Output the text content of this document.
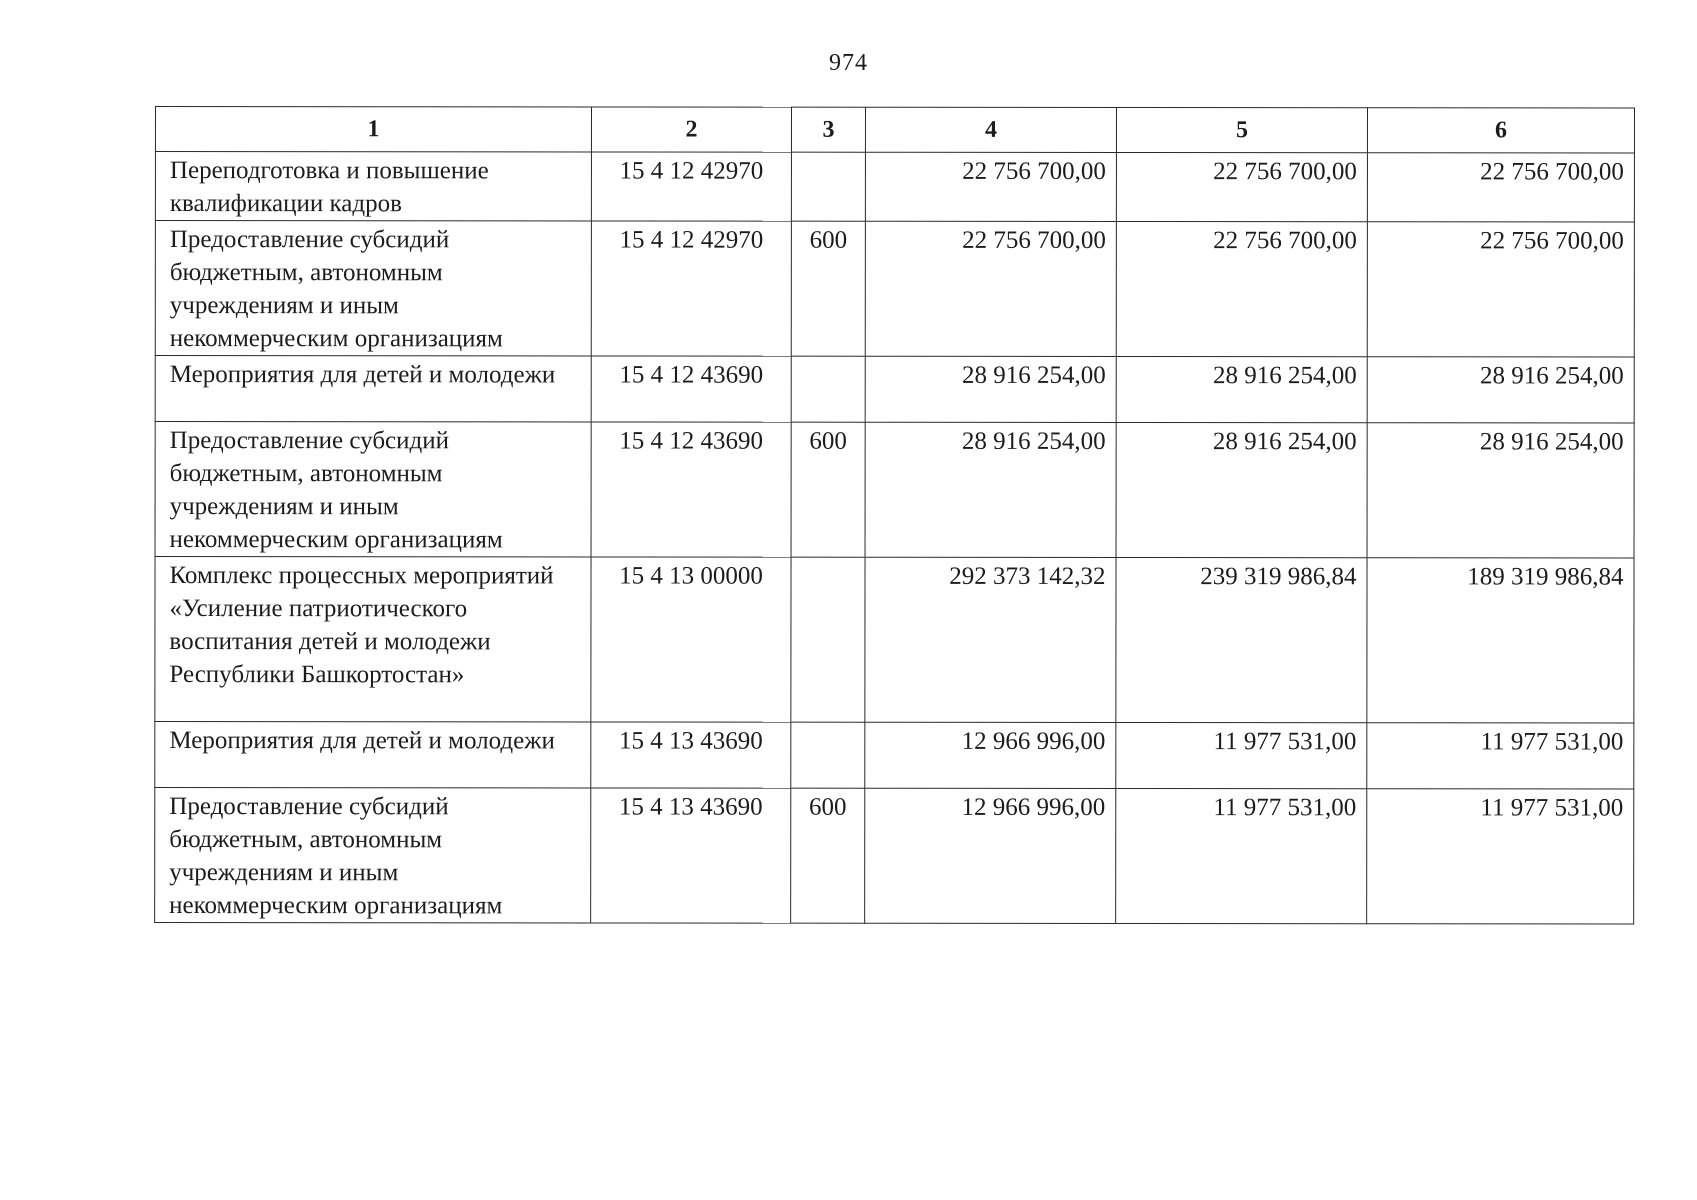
974
1	2	3	4	5	6
Переподготовка и повышение квалификации кадров	15 4 12 42970		22 756 700,00	22 756 700,00	22 756 700,00
Предоставление субсидий бюджетным, автономным учреждениям и иным некоммерческим организациям	15 4 12 42970	600	22 756 700,00	22 756 700,00	22 756 700,00
Мероприятия для детей и молодежи	15 4 12 43690		28 916 254,00	28 916 254,00	28 916 254,00
Предоставление субсидий бюджетным, автономным учреждениям и иным некоммерческим организациям	15 4 12 43690	600	28 916 254,00	28 916 254,00	28 916 254,00
Комплекс процессных мероприятий «Усиление патриотического воспитания детей и молодежи Республики Башкортостан»	15 4 13 00000		292 373 142,32	239 319 986,84	189 319 986,84
Мероприятия для детей и молодежи	15 4 13 43690		12 966 996,00	11 977 531,00	11 977 531,00
Предоставление субсидий бюджетным, автономным учреждениям и иным некоммерческим организациям	15 4 13 43690	600	12 966 996,00	11 977 531,00	11 977 531,00
